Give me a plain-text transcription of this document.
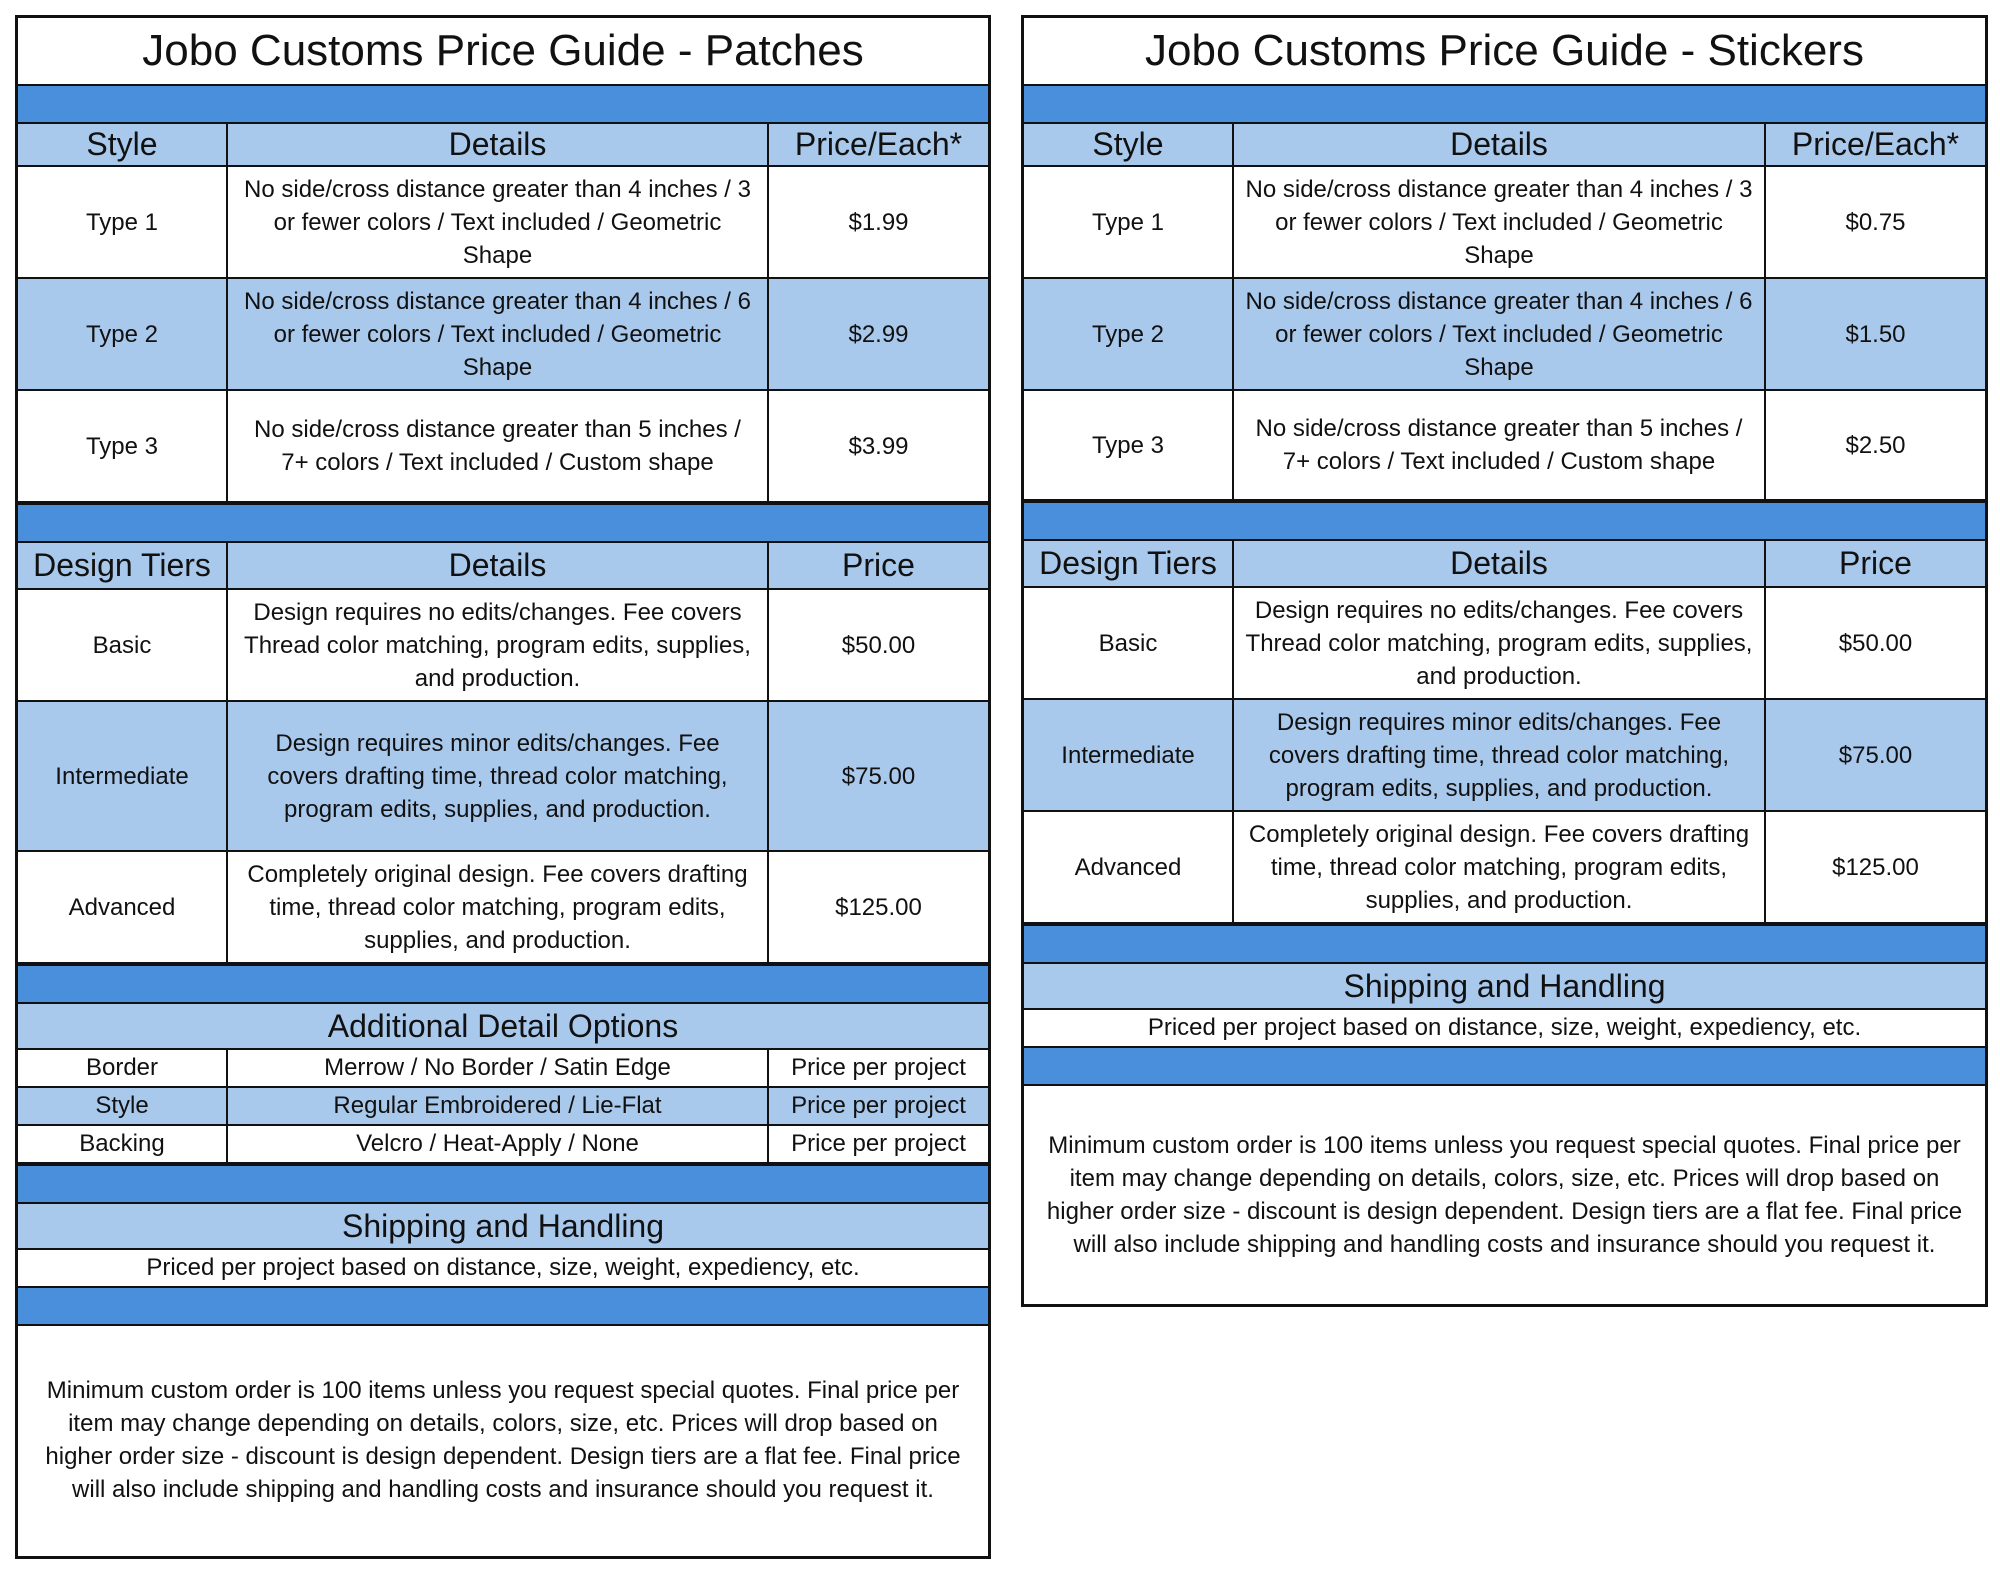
Jobo Customs Price Guide - Patches
Style	Details	Price/Each*
Type 1	No side/cross distance greater than 4 inches / 3 or fewer colors / Text included / Geometric Shape	$1.99
Type 2	No side/cross distance greater than 4 inches / 6 or fewer colors / Text included / Geometric Shape	$2.99
Type 3	No side/cross distance greater than 5 inches / 7+ colors / Text included / Custom shape	$3.99
Design Tiers	Details	Price
Basic	Design requires no edits/changes. Fee covers Thread color matching, program edits, supplies, and production.	$50.00
Intermediate	Design requires minor edits/changes. Fee covers drafting time, thread color matching, program edits, supplies, and production.	$75.00
Advanced	Completely original design. Fee covers drafting time, thread color matching, program edits, supplies, and production.	$125.00
Additional Detail Options
Border	Merrow / No Border / Satin Edge	Price per project
Style	Regular Embroidered / Lie-Flat	Price per project
Backing	Velcro / Heat-Apply / None	Price per project
Shipping and Handling
Priced per project based on distance, size, weight, expediency, etc.
Minimum custom order is 100 items unless you request special quotes. Final price per item may change depending on details, colors, size, etc. Prices will drop based on higher order size - discount is design dependent. Design tiers are a flat fee. Final price will also include shipping and handling costs and insurance should you request it.
Jobo Customs Price Guide - Stickers
Style	Details	Price/Each*
Type 1	No side/cross distance greater than 4 inches / 3 or fewer colors / Text included / Geometric Shape	$0.75
Type 2	No side/cross distance greater than 4 inches / 6 or fewer colors / Text included / Geometric Shape	$1.50
Type 3	No side/cross distance greater than 5 inches / 7+ colors / Text included / Custom shape	$2.50
Design Tiers	Details	Price
Basic	Design requires no edits/changes. Fee covers Thread color matching, program edits, supplies, and production.	$50.00
Intermediate	Design requires minor edits/changes. Fee covers drafting time, thread color matching, program edits, supplies, and production.	$75.00
Advanced	Completely original design. Fee covers drafting time, thread color matching, program edits, supplies, and production.	$125.00
Shipping and Handling
Priced per project based on distance, size, weight, expediency, etc.
Minimum custom order is 100 items unless you request special quotes. Final price per item may change depending on details, colors, size, etc. Prices will drop based on higher order size - discount is design dependent. Design tiers are a flat fee. Final price will also include shipping and handling costs and insurance should you request it.
